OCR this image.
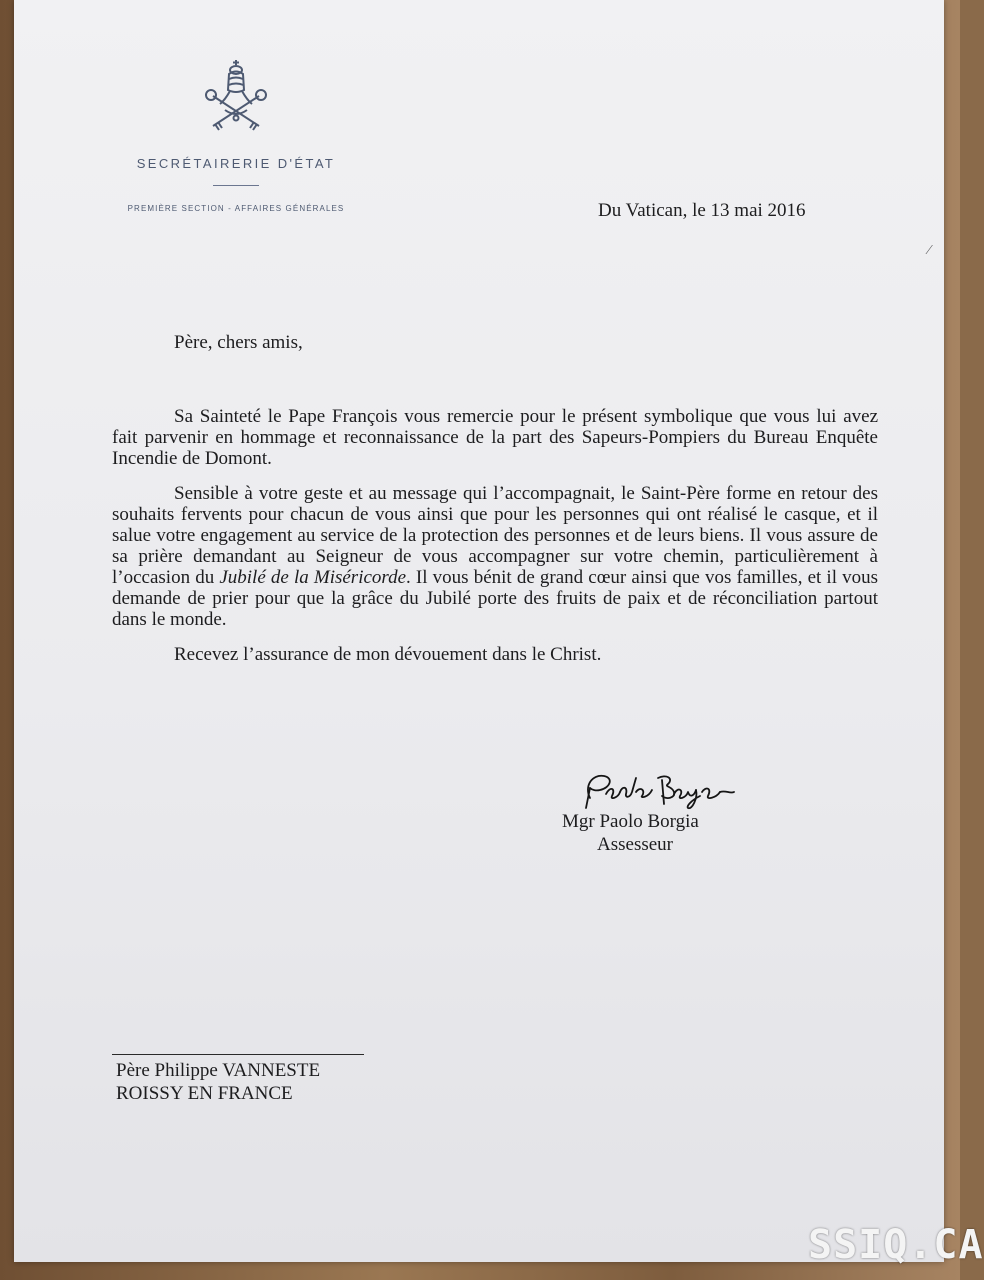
SECRÉTAIRERIE D'ÉTAT
PREMIÈRE SECTION - AFFAIRES GÉNÉRALES	Du Vatican, le 13 mai 2016
⁄
Père, chers amis,

Sa Sainteté le Pape François vous remercie pour le présent symbolique que vous lui avez fait parvenir en hommage et reconnaissance de la part des Sapeurs-Pompiers du Bureau Enquête Incendie de Domont.

Sensible à votre geste et au message qui l’accompagnait, le Saint-Père forme en retour des souhaits fervents pour chacun de vous ainsi que pour les personnes qui ont réalisé le casque, et il salue votre engagement au service de la protection des personnes et de leurs biens. Il vous assure de sa prière demandant au Seigneur de vous accompagner sur votre chemin, particulièrement à l’occasion du Jubilé de la Miséricorde. Il vous bénit de grand cœur ainsi que vos familles, et il vous demande de prier pour que la grâce du Jubilé porte des fruits de paix et de réconciliation partout dans le monde.

Recevez l’assurance de mon dévouement dans le Christ.

Mgr Paolo Borgia
Assesseur
Père Philippe VANNESTE
ROISSY EN FRANCE
SSIQ.CA
